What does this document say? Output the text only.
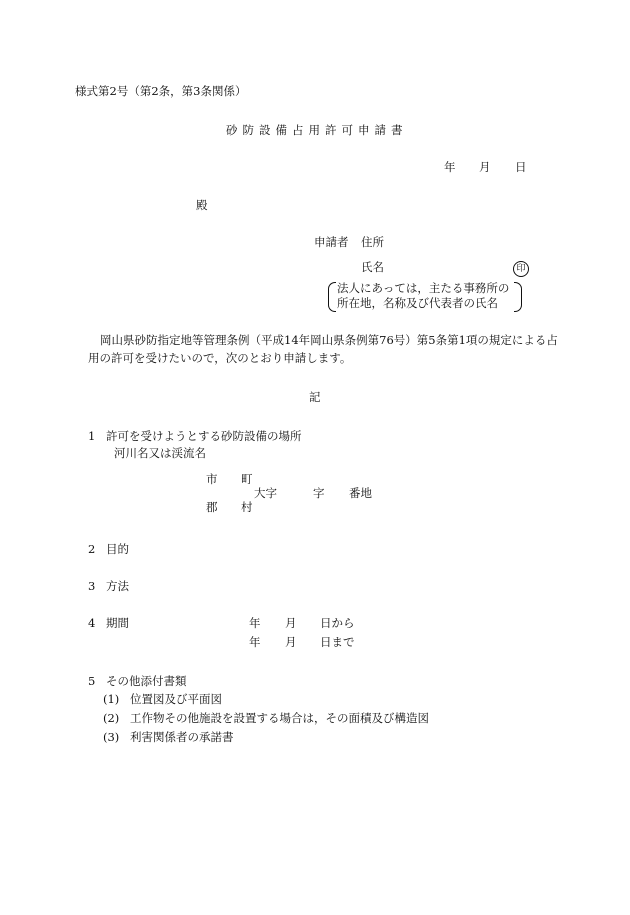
様式第2号（第2条，第3条関係）
砂防設備占用許可申請書
年 月 日
殿
申請者 住所
氏名	印
法人にあっては，主たる事務所の
所在地，名称及び代表者の氏名
岡山県砂防指定地等管理条例（平成14年岡山県条例第76号）第5条第1項の規定による占
用の許可を受けたいので，次のとおり申請します。
記
1 許可を受けようとする砂防設備の場所
河川名又は渓流名
市 町
大字	字 番地
郡 村
2 目的
3 方法
4 期間	年 月 日から
年 月 日まで
5 その他添付書類
(1) 位置図及び平面図
(2) 工作物その他施設を設置する場合は，その面積及び構造図
(3) 利害関係者の承諾書
